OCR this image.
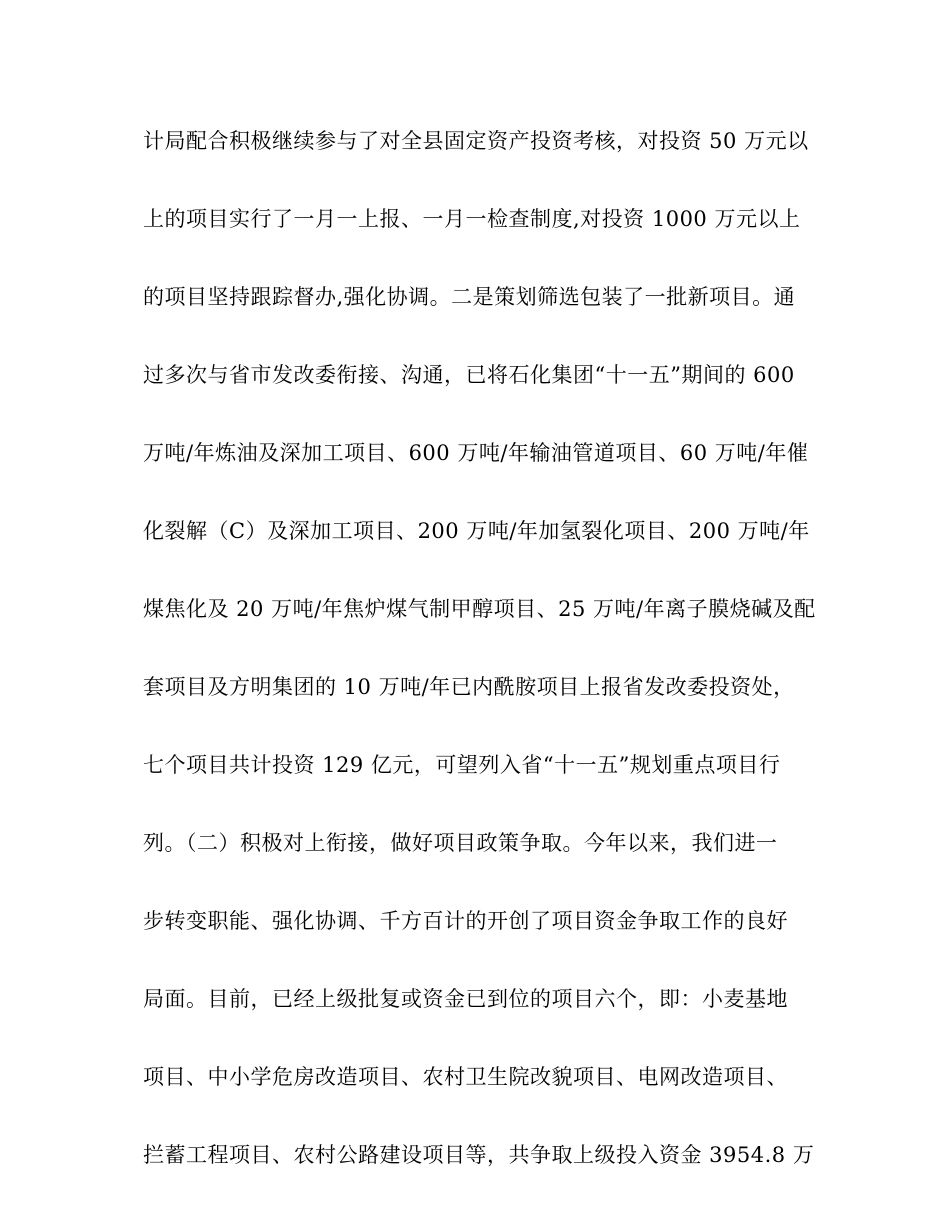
计局配合积极继续参与了对全县固定资产投资考核，对投资 50 万元以
上的项目实行了一月一上报、一月一检查制度,对投资 1000 万元以上
的项目坚持跟踪督办,强化协调。二是策划筛选包装了一批新项目。通
过多次与省市发改委衔接、沟通，已将石化集团“十一五”期间的 600
万吨/年炼油及深加工项目、600 万吨/年输油管道项目、60 万吨/年催
化裂解（C）及深加工项目、200 万吨/年加氢裂化项目、200 万吨/年
煤焦化及 20 万吨/年焦炉煤气制甲醇项目、25 万吨/年离子膜烧碱及配
套项目及方明集团的 10 万吨/年已内酰胺项目上报省发改委投资处，
七个项目共计投资 129 亿元，可望列入省“十一五”规划重点项目行
列。（二）积极对上衔接，做好项目政策争取。今年以来，我们进一
步转变职能、强化协调、千方百计的开创了项目资金争取工作的良好
局面。目前，已经上级批复或资金已到位的项目六个，即：小麦基地
项目、中小学危房改造项目、农村卫生院改貌项目、电网改造项目、
拦蓄工程项目、农村公路建设项目等，共争取上级投入资金 3954.8 万
